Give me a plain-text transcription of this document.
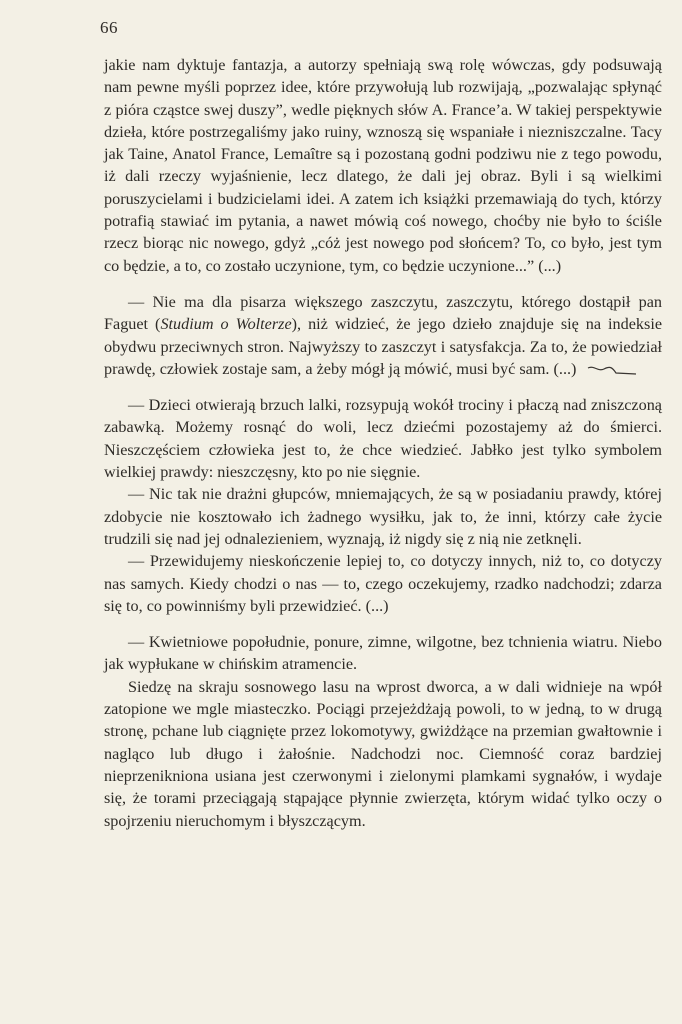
66

jakie nam dyktuje fantazja, a autorzy spełniają swą rolę wówczas, gdy podsuwają nam pewne myśli poprzez idee, które przywołują lub rozwijają, „pozwalając spłynąć z pióra cząstce swej duszy”, wedle pięknych słów A. France’a. W takiej perspektywie dzieła, które postrzegaliśmy jako ruiny, wznoszą się wspaniałe i niezniszczalne. Tacy jak Taine, Anatol France, Lemaître są i pozostaną godni podziwu nie z tego powodu, iż dali rzeczy wyjaśnienie, lecz dlatego, że dali jej obraz. Byli i są wielkimi poruszycielami i budzicielami idei. A zatem ich książki przemawiają do tych, którzy potrafią stawiać im pytania, a nawet mówią coś nowego, choćby nie było to ściśle rzecz biorąc nic nowego, gdyż „cóż jest nowego pod słońcem? To, co było, jest tym co będzie, a to, co zostało uczynione, tym, co będzie uczynione...” (...)

— Nie ma dla pisarza większego zaszczytu, zaszczytu, którego dostąpił pan Faguet (Studium o Wolterze), niż widzieć, że jego dzieło znajduje się na indeksie obydwu przeciwnych stron. Najwyższy to zaszczyt i satysfakcja. Za to, że powiedział prawdę, człowiek zostaje sam, a żeby mógł ją mówić, musi być sam. (...)

— Dzieci otwierają brzuch lalki, rozsypują wokół trociny i płaczą nad zniszczoną zabawką. Możemy rosnąć do woli, lecz dziećmi pozostajemy aż do śmierci. Nieszczęściem człowieka jest to, że chce wiedzieć. Jabłko jest tylko symbolem wielkiej prawdy: nieszczęsny, kto po nie sięgnie.

— Nic tak nie drażni głupców, mniemających, że są w posiadaniu prawdy, której zdobycie nie kosztowało ich żadnego wysiłku, jak to, że inni, którzy całe życie trudzili się nad jej odnalezieniem, wyznają, iż nigdy się z nią nie zetknęli.

— Przewidujemy nieskończenie lepiej to, co dotyczy innych, niż to, co dotyczy nas samych. Kiedy chodzi o nas — to, czego oczekujemy, rzadko nadchodzi; zdarza się to, co powinniśmy byli przewidzieć. (...)

— Kwietniowe popołudnie, ponure, zimne, wilgotne, bez tchnienia wiatru. Niebo jak wypłukane w chińskim atramencie.

Siedzę na skraju sosnowego lasu na wprost dworca, a w dali widnieje na wpół zatopione we mgle miasteczko. Pociągi przejeżdżają powoli, to w jedną, to w drugą stronę, pchane lub ciągnięte przez lokomotywy, gwiżdżące na przemian gwałtownie i nagląco lub długo i żałośnie. Nadchodzi noc. Ciemność coraz bardziej nieprzenikniona usiana jest czerwonymi i zielonymi plamkami sygnałów, i wydaje się, że torami przeciągają stąpające płynnie zwierzęta, którym widać tylko oczy o spojrzeniu nieruchomym i błyszczącym.
